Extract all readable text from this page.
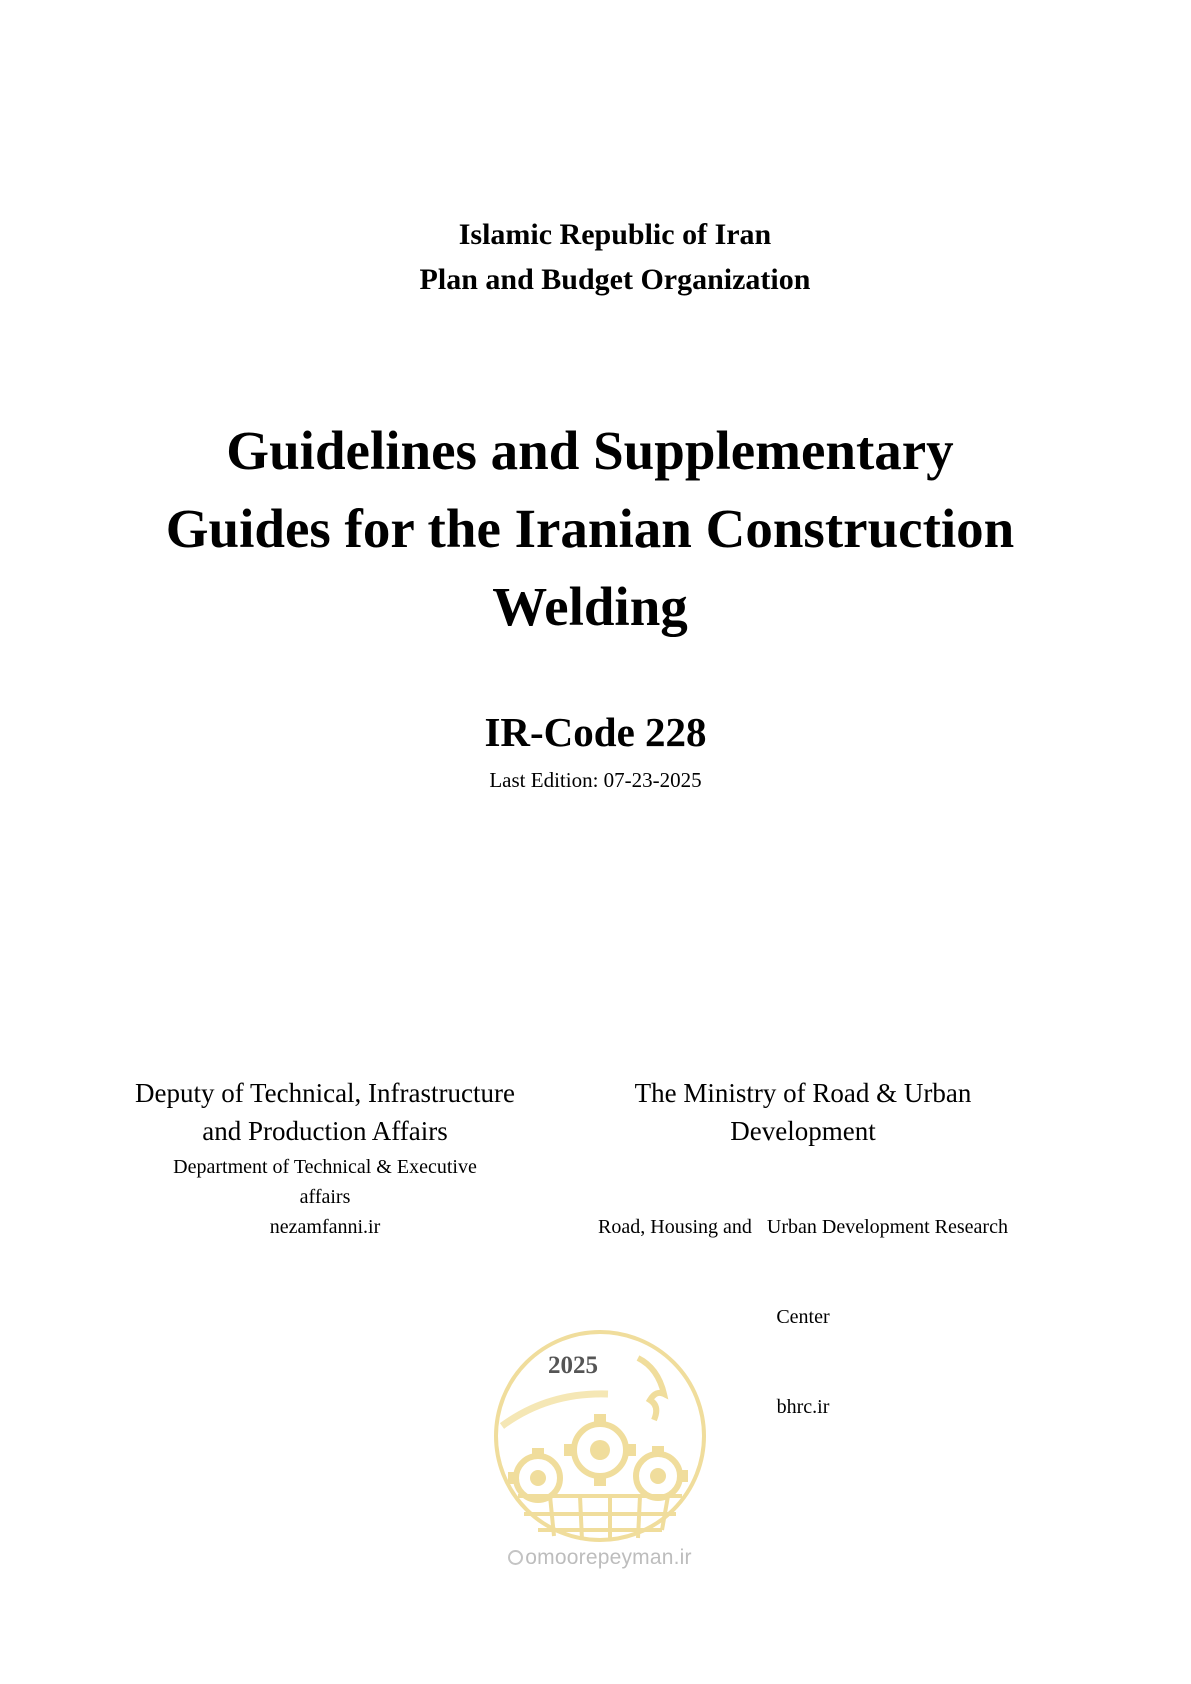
Islamic Republic of Iran
Plan and Budget Organization
Guidelines and Supplementary
Guides for the Iranian Construction
Welding
IR-Code 228
Last Edition: 07-23-2025
Deputy of Technical, Infrastructure
and Production Affairs
Department of Technical & Executive
affairs
nezamfanni.ir
The Ministry of Road & Urban
Development

Road, Housing and   Urban Development Research

Center

bhrc.ir

2025
omoorepeyman.ir
